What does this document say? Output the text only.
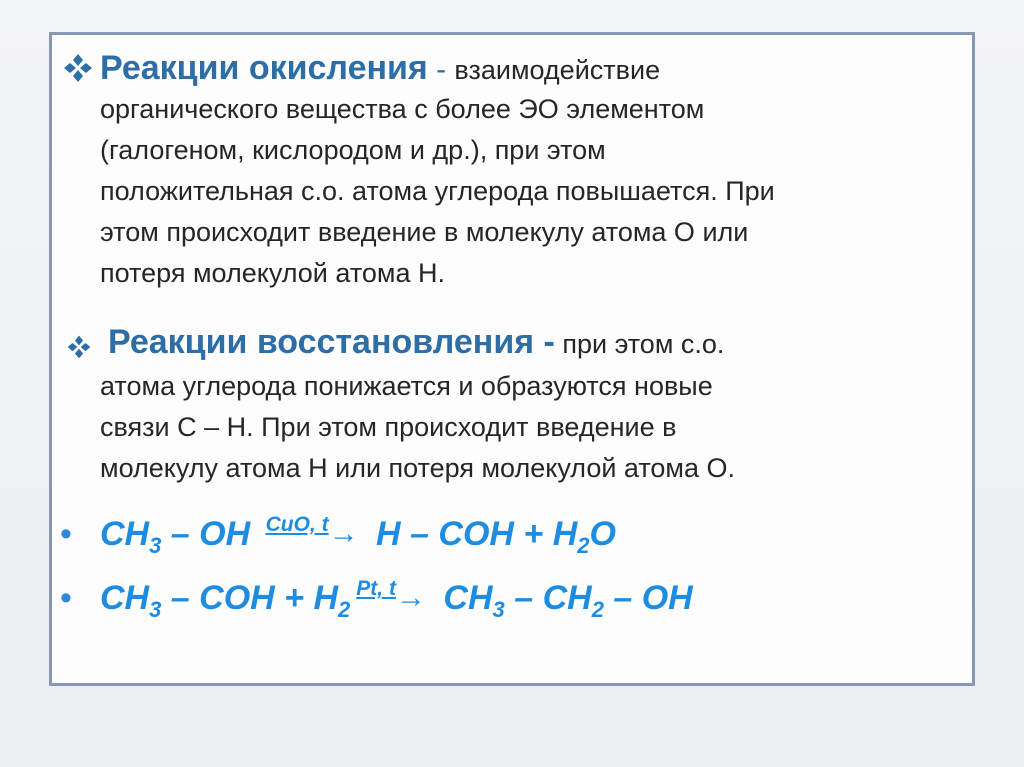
Реакции окисления - взаимодействие
органического вещества с более ЭО элементом
(галогеном, кислородом и др.), при этом
положительная с.о. атома углерода повышается. При
этом происходит введение в молекулу атома О или
потеря молекулой атома Н.
Реакции восстановления - при этом с.о.
атома углерода понижается и образуются новые
связи С – Н. При этом происходит введение в
молекулу атома Н или потеря молекулой атома О.
• $CH_3$ – OH CuO, t→ H – COH + $H_2O$
• $CH_3$ – COH + $H_2Pt$, $t\to CH_3 - CH_2$ – OH
